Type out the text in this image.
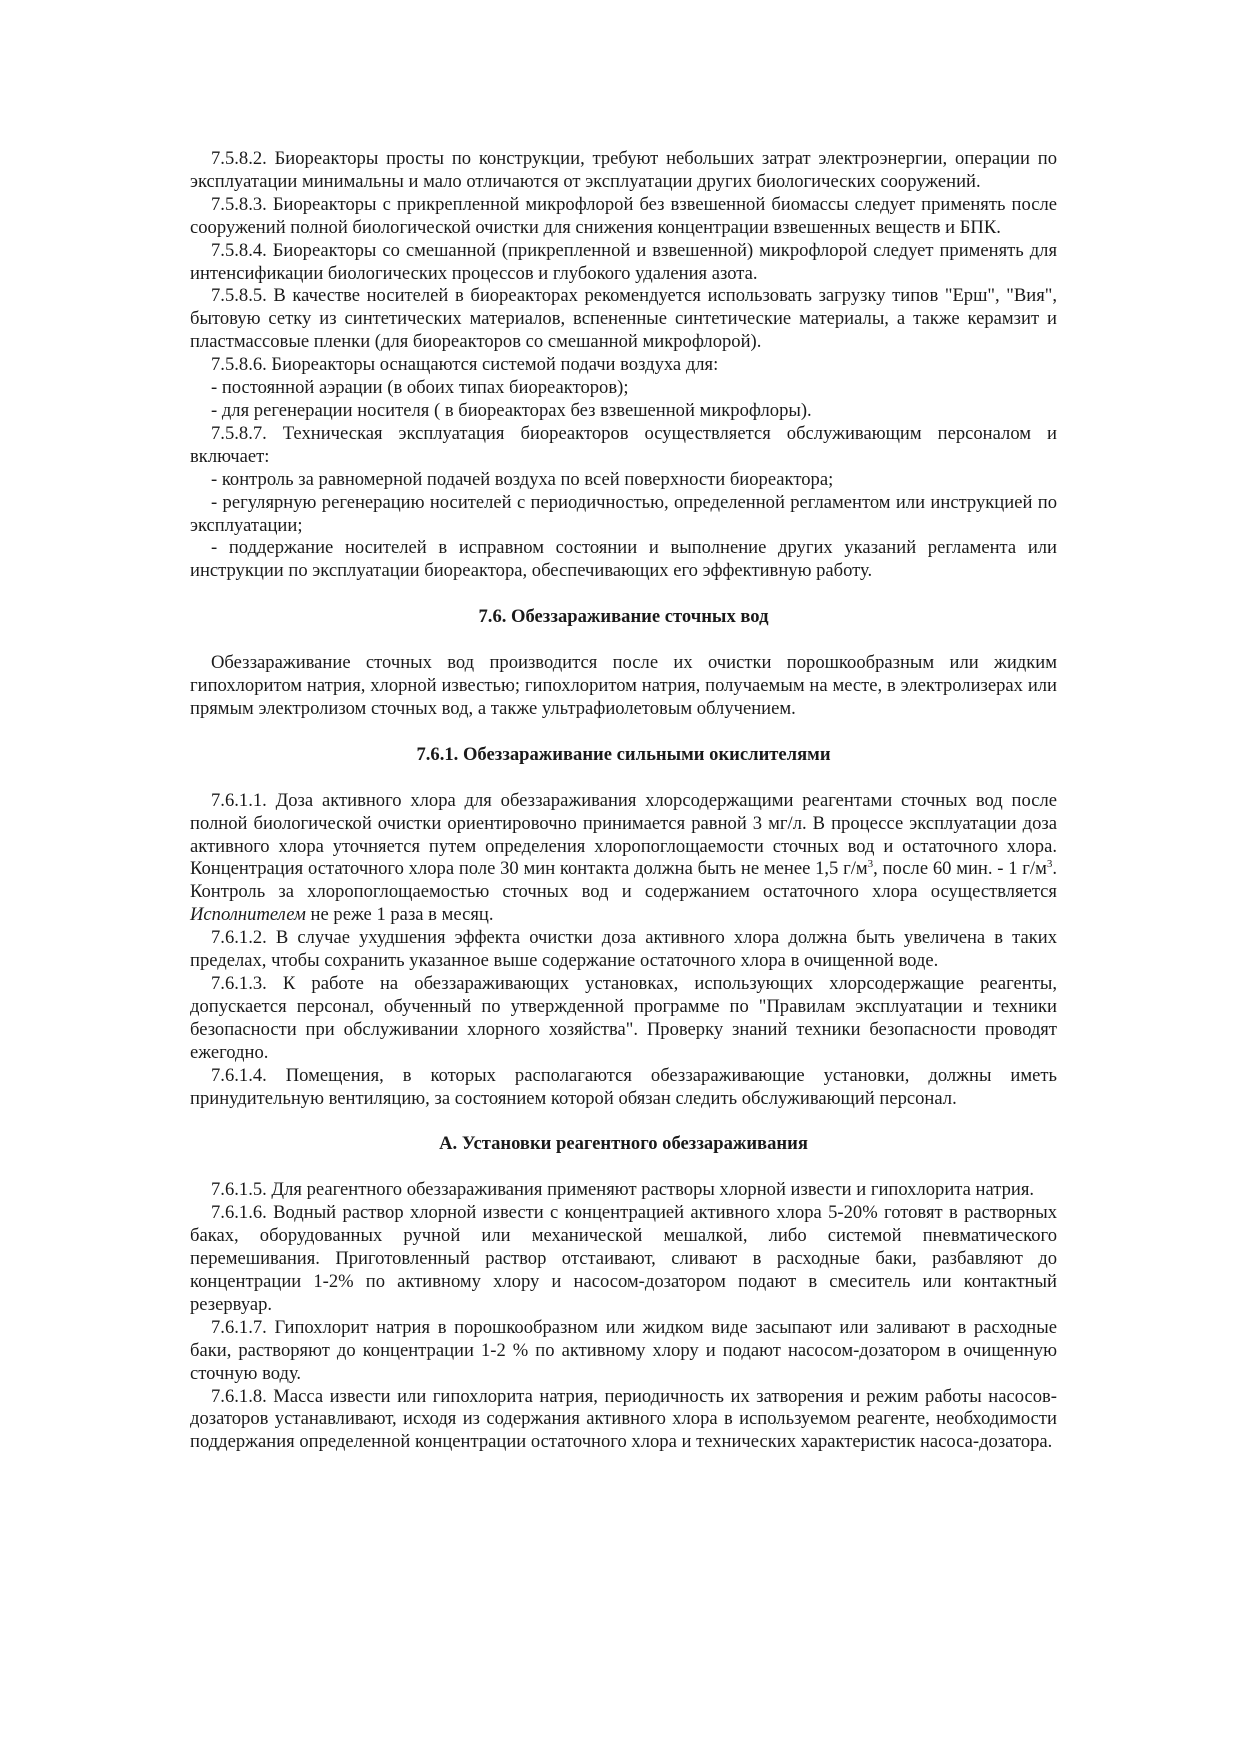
7.5.8.2. Биореакторы просты по конструкции, требуют небольших затрат электроэнергии, операции по эксплуатации минимальны и мало отличаются от эксплуатации других биологических сооружений.

7.5.8.3. Биореакторы с прикрепленной микрофлорой без взвешенной биомассы следует применять после сооружений полной биологической очистки для снижения концентрации взвешенных веществ и БПК.

7.5.8.4. Биореакторы со смешанной (прикрепленной и взвешенной) микрофлорой следует применять для интенсификации биологических процессов и глубокого удаления азота.

7.5.8.5. В качестве носителей в биореакторах рекомендуется использовать загрузку типов "Ерш", "Вия", бытовую сетку из синтетических материалов, вспененные синтетические материалы, а также керамзит и пластмассовые пленки (для биореакторов со смешанной микрофлорой).

7.5.8.6. Биореакторы оснащаются системой подачи воздуха для:

- постоянной аэрации (в обоих типах биореакторов);

- для регенерации носителя ( в биореакторах без взвешенной микрофлоры).

7.5.8.7. Техническая эксплуатация биореакторов осуществляется обслуживающим персоналом и включает:

- контроль за равномерной подачей воздуха по всей поверхности биореактора;

- регулярную регенерацию носителей с периодичностью, определенной регламентом или инструкцией по эксплуатации;

- поддержание носителей в исправном состоянии и выполнение других указаний регламента или инструкции по эксплуатации биореактора, обеспечивающих его эффективную работу.

7.6. Обеззараживание сточных вод

Обеззараживание сточных вод производится после их очистки порошкообразным или жидким гипохлоритом натрия, хлорной известью; гипохлоритом натрия, получаемым на месте, в электролизерах или прямым электролизом сточных вод, а также ультрафиолетовым облучением.

7.6.1. Обеззараживание сильными окислителями

7.6.1.1. Доза активного хлора для обеззараживания хлорсодержащими реагентами сточных вод после полной биологической очистки ориентировочно принимается равной 3 мг/л. В процессе эксплуатации доза активного хлора уточняется путем определения хлоропоглощаемости сточных вод и остаточного хлора. Концентрация остаточного хлора поле 30 мин контакта должна быть не менее 1,5 $г/м^3$, после 60 мин. - 1 $г/м^3$. Контроль за хлоропоглощаемостью сточных вод и содержанием остаточного хлора осуществляется Исполнителем не реже 1 раза в месяц.

7.6.1.2. В случае ухудшения эффекта очистки доза активного хлора должна быть увеличена в таких пределах, чтобы сохранить указанное выше содержание остаточного хлора в очищенной воде.

7.6.1.3. К работе на обеззараживающих установках, использующих хлорсодержащие реагенты, допускается персонал, обученный по утвержденной программе по "Правилам эксплуатации и техники безопасности при обслуживании хлорного хозяйства". Проверку знаний техники безопасности проводят ежегодно.

7.6.1.4. Помещения, в которых располагаются обеззараживающие установки, должны иметь принудительную вентиляцию, за состоянием которой обязан следить обслуживающий персонал.

А. Установки реагентного обеззараживания

7.6.1.5. Для реагентного обеззараживания применяют растворы хлорной извести и гипохлорита натрия.

7.6.1.6. Водный раствор хлорной извести с концентрацией активного хлора 5-20% готовят в растворных баках, оборудованных ручной или механической мешалкой, либо системой пневматического перемешивания. Приготовленный раствор отстаивают, сливают в расходные баки, разбавляют до концентрации 1-2% по активному хлору и насосом-дозатором подают в смеситель или контактный резервуар.

7.6.1.7. Гипохлорит натрия в порошкообразном или жидком виде засыпают или заливают в расходные баки, растворяют до концентрации 1-2 % по активному хлору и подают насосом-дозатором в очищенную сточную воду.

7.6.1.8. Масса извести или гипохлорита натрия, периодичность их затворения и режим работы насосов-дозаторов устанавливают, исходя из содержания активного хлора в используемом реагенте, необходимости поддержания определенной концентрации остаточного хлора и технических характеристик насоса-дозатора.
